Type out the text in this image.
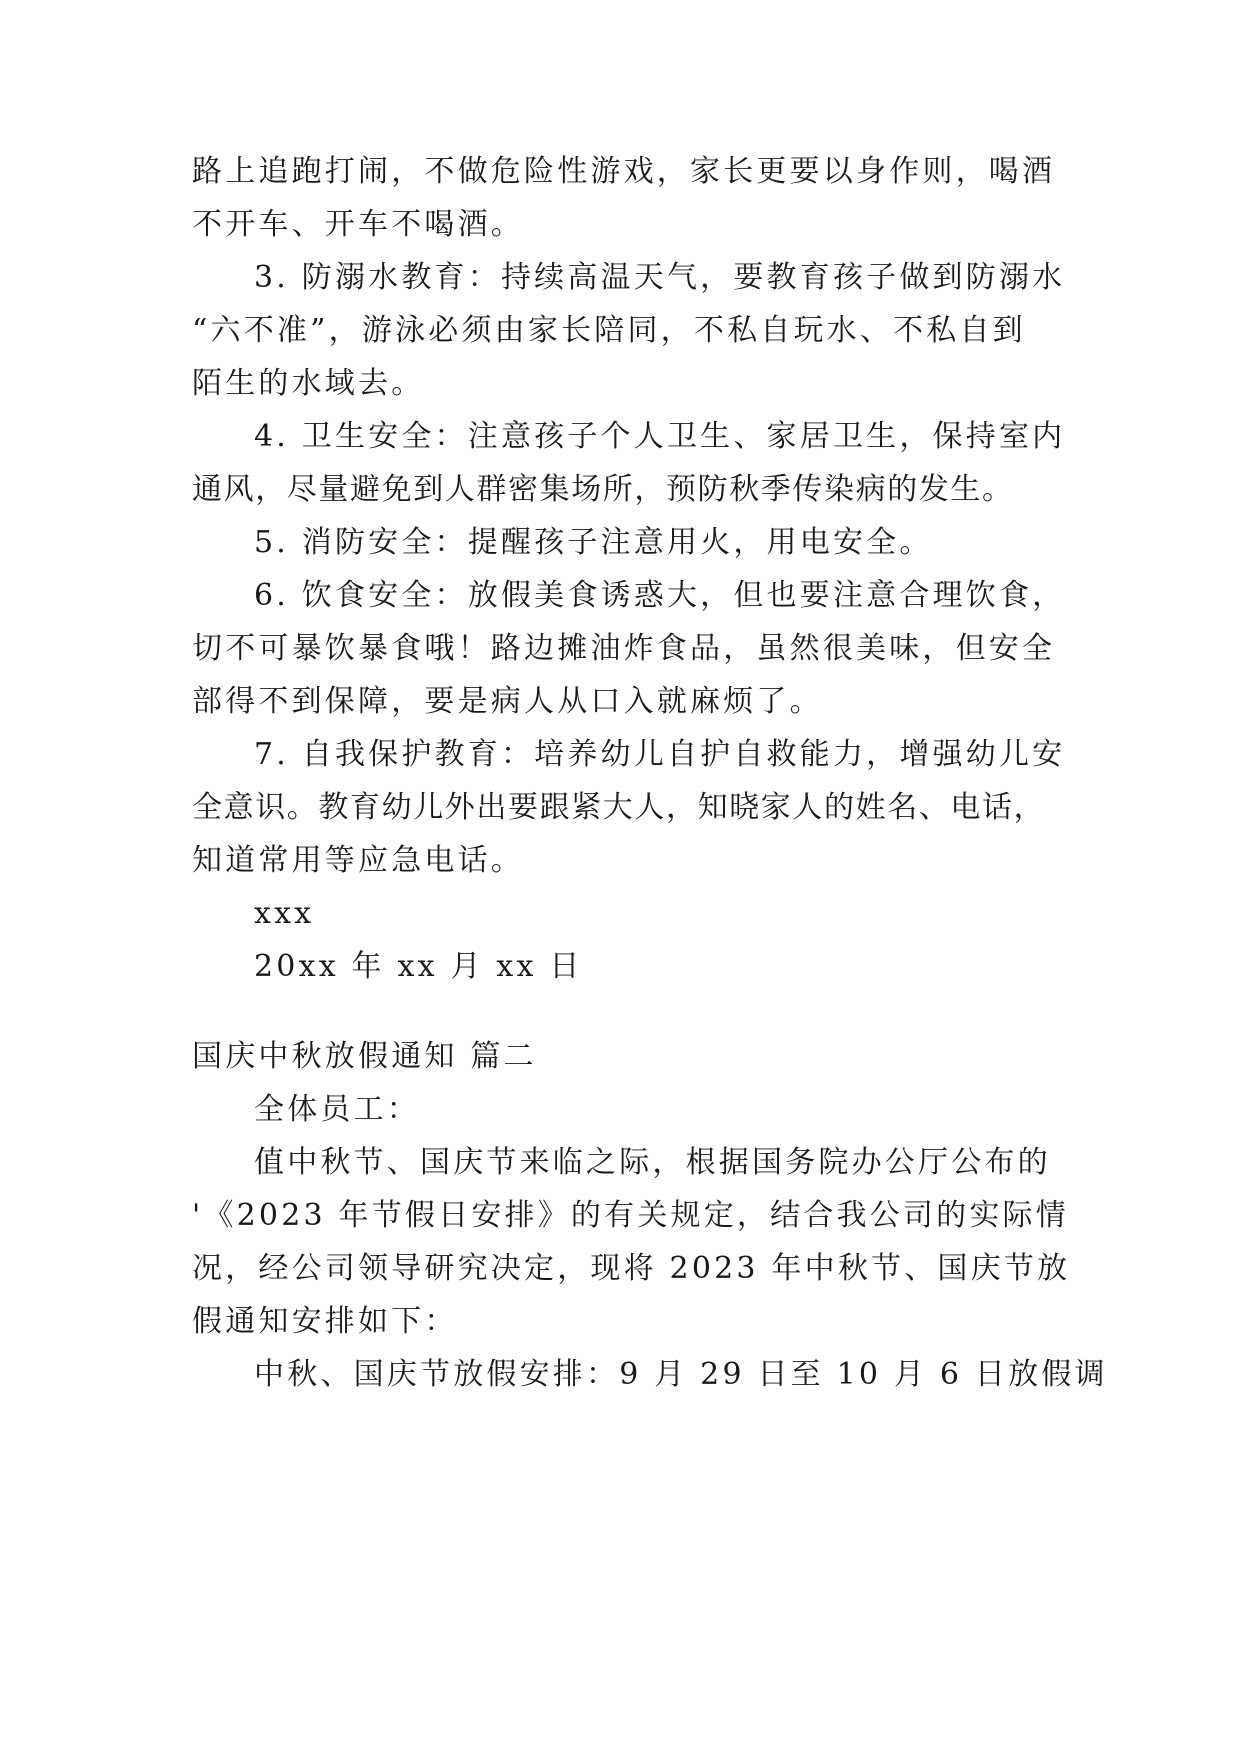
路上追跑打闹，不做危险性游戏，家长更要以身作则，喝酒
不开车、开车不喝酒。
3. 防溺水教育：持续高温天气，要教育孩子做到防溺水
“六不准”，游泳必须由家长陪同，不私自玩水、不私自到
陌生的水域去。
4. 卫生安全：注意孩子个人卫生、家居卫生，保持室内
通风，尽量避免到人群密集场所，预防秋季传染病的发生。
5. 消防安全：提醒孩子注意用火，用电安全。
6. 饮食安全：放假美食诱惑大，但也要注意合理饮食，
切不可暴饮暴食哦！路边摊油炸食品，虽然很美味，但安全
部得不到保障，要是病人从口入就麻烦了。
7. 自我保护教育：培养幼儿自护自救能力，增强幼儿安
全意识。教育幼儿外出要跟紧大人，知晓家人的姓名、电话，
知道常用等应急电话。
xxx
20xx 年 xx 月 xx 日
国庆中秋放假通知 篇二
全体员工：
值中秋节、国庆节来临之际，根据国务院办公厅公布的
'《2023 年节假日安排》的有关规定，结合我公司的实际情
况，经公司领导研究决定，现将 2023 年中秋节、国庆节放
假通知安排如下：
中秋、国庆节放假安排：9 月 29 日至 10 月 6 日放假调
